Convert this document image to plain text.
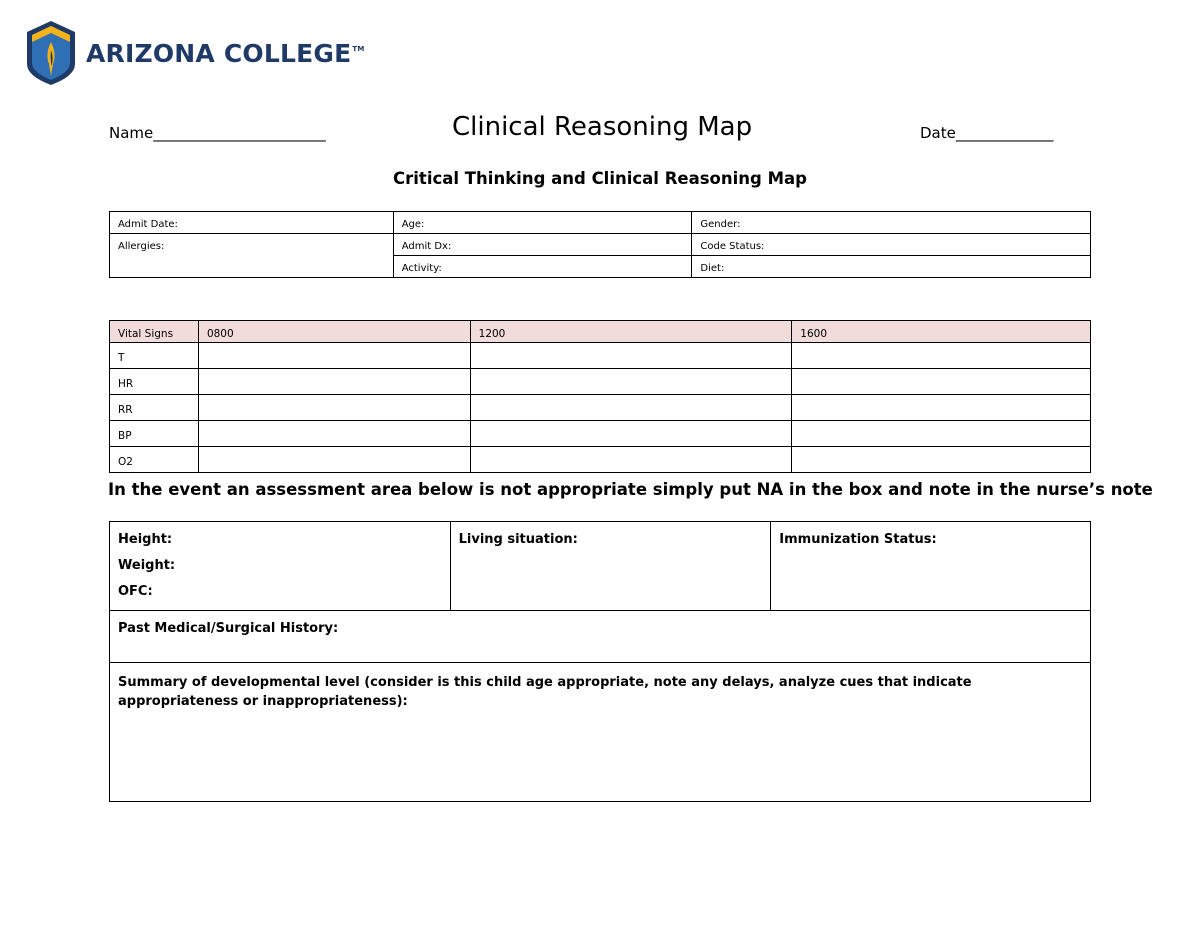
ARIZONA COLLEGE™
Name_______________________	Clinical Reasoning Map	Date_____________
Critical Thinking and Clinical Reasoning Map
Admit Date:	Age:	Gender:
Allergies:	Admit Dx:	Code Status:
	Activity:	Diet:
Vital Signs	0800	1200	1600
T			
HR			
RR			
BP			
O2			
In the event an assessment area below is not appropriate simply put NA in the box and note in the nurse’s note
Height:
Weight:
OFC:
	Living situation:	Immunization Status:
Past Medical/Surgical History:
Summary of developmental level (consider is this child age appropriate, note any delays, analyze cues that indicate appropriateness or inappropriateness):
